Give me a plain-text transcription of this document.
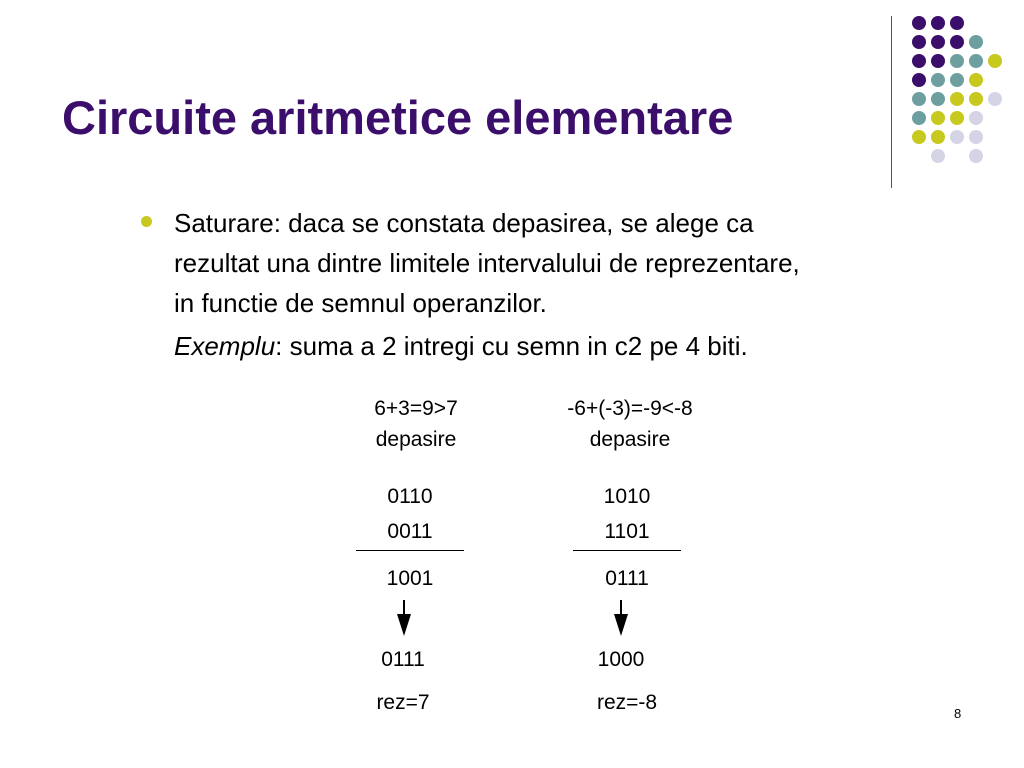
Circuite aritmetice elementare
Saturare: daca se constata depasirea, se alege ca
rezultat una dintre limitele intervalului de reprezentare,
in functie de semnul operanzilor.
Exemplu: suma a 2 intregi cu semn in c2 pe 4 biti.
6+3=9>7
depasire
0110
0011
1001
0111
rez=7
-6+(-3)=-9<-8
depasire
1010
1101
0111
1000
rez=-8	8
